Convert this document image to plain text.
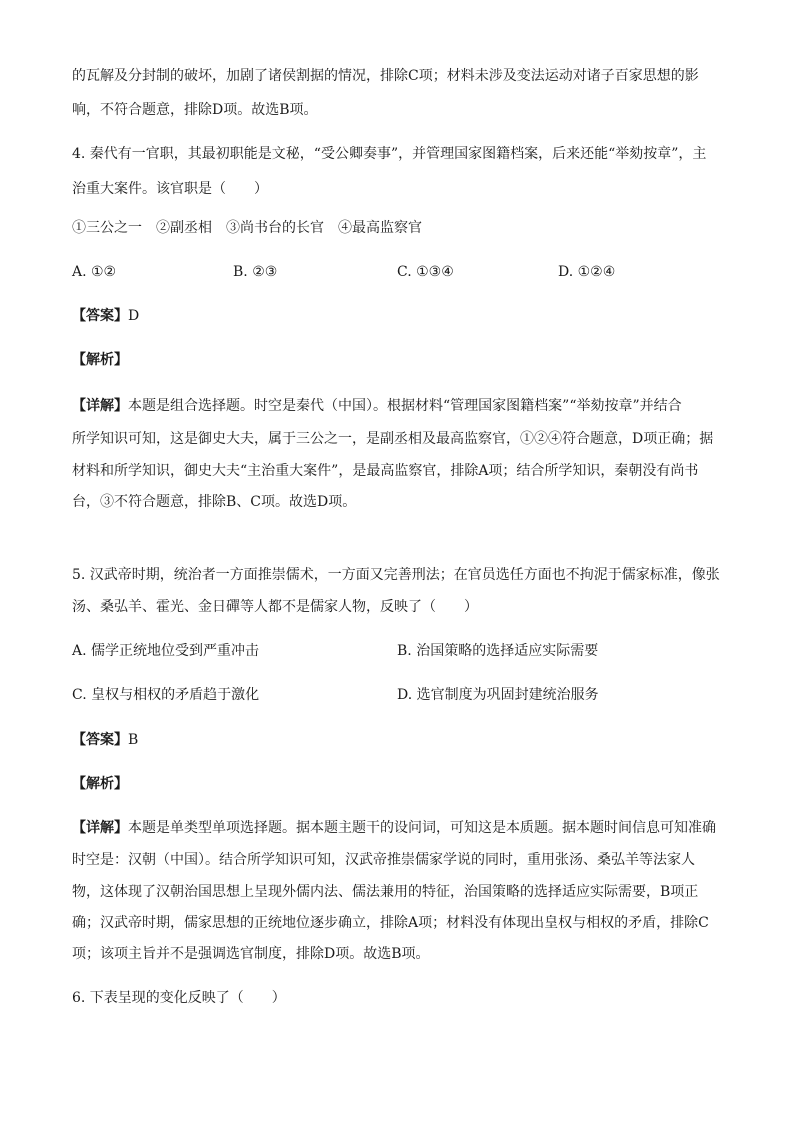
的瓦解及分封制的破坏，加剧了诸侯割据的情况，排除C项；材料未涉及变法运动对诸子百家思想的影
响，不符合题意，排除D项。故选B项。
4. 秦代有一官职，其最初职能是文秘，“受公卿奏事”，并管理国家图籍档案，后来还能“举劾按章”，主
治重大案件。该官职是（　　）
①三公之一　②副丞相　③尚书台的长官　④最高监察官
A. ①②	B. ②③	C. ①③④	D. ①②④
【答案】D
【解析】
【详解】本题是组合选择题。时空是秦代（中国）。根据材料“管理国家图籍档案”“举劾按章”并结合
所学知识可知，这是御史大夫，属于三公之一，是副丞相及最高监察官，①②④符合题意，D项正确；据
材料和所学知识，御史大夫“主治重大案件”，是最高监察官，排除A项；结合所学知识，秦朝没有尚书
台，③不符合题意，排除B、C项。故选D项。
5. 汉武帝时期，统治者一方面推崇儒术，一方面又完善刑法；在官员选任方面也不拘泥于儒家标准，像张
汤、桑弘羊、霍光、金日磾等人都不是儒家人物，反映了（　　）
A. 儒学正统地位受到严重冲击	B. 治国策略的选择适应实际需要
C. 皇权与相权的矛盾趋于激化	D. 选官制度为巩固封建统治服务
【答案】B
【解析】
【详解】本题是单类型单项选择题。据本题主题干的设问词，可知这是本质题。据本题时间信息可知准确
时空是：汉朝（中国）。结合所学知识可知，汉武帝推崇儒家学说的同时，重用张汤、桑弘羊等法家人
物，这体现了汉朝治国思想上呈现外儒内法、儒法兼用的特征，治国策略的选择适应实际需要，B项正
确；汉武帝时期，儒家思想的正统地位逐步确立，排除A项；材料没有体现出皇权与相权的矛盾，排除C
项；该项主旨并不是强调选官制度，排除D项。故选B项。
6. 下表呈现的变化反映了（　　）
